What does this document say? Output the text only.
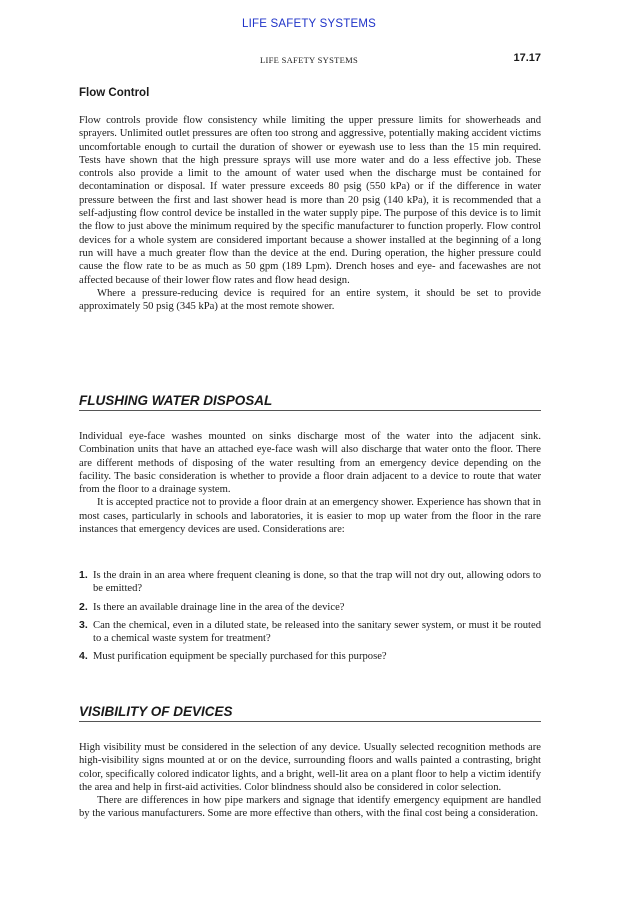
LIFE SAFETY SYSTEMS
LIFE SAFETY SYSTEMS	17.17
Flow Control

Flow controls provide flow consistency while limiting the upper pressure limits for showerheads and sprayers. Unlimited outlet pressures are often too strong and aggressive, potentially making accident victims uncomfortable enough to curtail the duration of shower or eyewash use to less than the 15 min required. Tests have shown that the high pressure sprays will use more water and do a less effective job. These controls also provide a limit to the amount of water used when the discharge must be contained for decontamination or disposal. If water pressure exceeds 80 psig (550 kPa) or if the difference in water pressure between the first and last shower head is more than 20 psig (140 kPa), it is recommended that a self-adjusting flow control device be installed in the water supply pipe. The purpose of this device is to limit the flow to just above the minimum required by the specific manufacturer to function properly. Flow control devices for a whole system are considered important because a shower installed at the beginning of a long run will have a much greater flow than the device at the end. During operation, the higher pressure could cause the flow rate to be as much as 50 gpm (189 Lpm). Drench hoses and eye- and facewashes are not affected because of their lower flow rates and flow head design.

Where a pressure-reducing device is required for an entire system, it should be set to provide approximately 50 psig (345 kPa) at the most remote shower.

FLUSHING WATER DISPOSAL

Individual eye-face washes mounted on sinks discharge most of the water into the adjacent sink. Combination units that have an attached eye-face wash will also discharge that water onto the floor. There are different methods of disposing of the water resulting from an emergency device depending on the facility. The basic consideration is whether to provide a floor drain adjacent to a device to route that water from the floor to a drainage system.

It is accepted practice not to provide a floor drain at an emergency shower. Experience has shown that in most cases, particularly in schools and laboratories, it is easier to mop up water from the floor in the rare instances that emergency devices are used. Considerations are:

1. Is the drain in an area where frequent cleaning is done, so that the trap will not dry out, allowing odors to be emitted?
2. Is there an available drainage line in the area of the device?
3. Can the chemical, even in a diluted state, be released into the sanitary sewer system, or must it be routed to a chemical waste system for treatment?
4. Must purification equipment be specially purchased for this purpose?
VISIBILITY OF DEVICES

High visibility must be considered in the selection of any device. Usually selected recognition methods are high-visibility signs mounted at or on the device, surrounding floors and walls painted a contrasting, bright color, specifically colored indicator lights, and a bright, well-lit area on a plant floor to help a victim identify the area and help in first-aid activities. Color blindness should also be considered in color selection.

There are differences in how pipe markers and signage that identify emergency equipment are handled by the various manufacturers. Some are more effective than others, with the final cost being a consideration.
